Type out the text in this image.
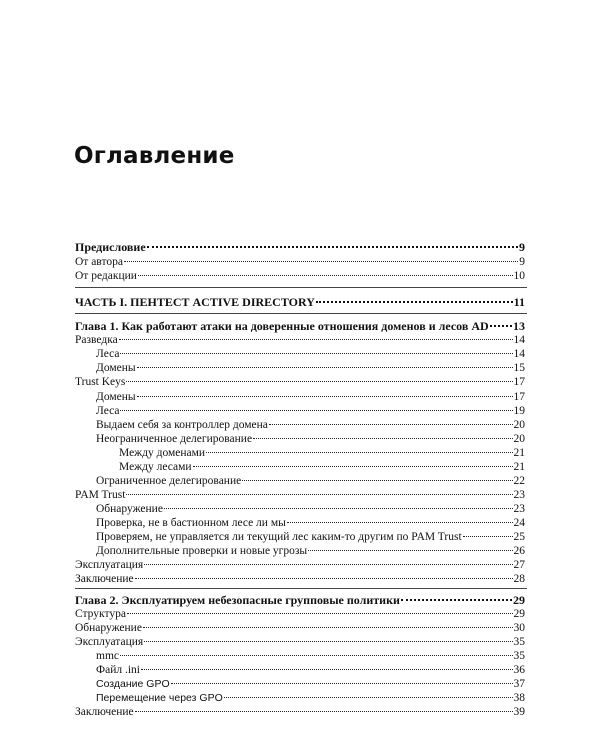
Оглавление
Предисловие	9
От автора	9
От редакции	10
ЧАСТЬ I. ПЕНТЕСТ ACTIVE DIRECTORY	11
Глава 1. Как работают атаки на доверенные отношения доменов и лесов AD 13
Разведка	14
Леса	14
Домены	15
Trust Keys	17
Домены	17
Леса	19
Выдаем себя за контроллер домена	20
Неограниченное делегирование	20
Между доменами	21
Между лесами	21
Ограниченное делегирование	22
PAM Trust	23
Обнаружение	23
Проверка, не в бастионном лесе ли мы	24
Проверяем, не управляется ли текущий лес каким-то другим по PAM Trust	25
Дополнительные проверки и новые угрозы	26
Эксплуатация	27
Заключение	28
Глава 2. Эксплуатируем небезопасные групповые политики	29
Структура	29
Обнаружение	30
Эксплуатация	35
mmc	35
Файл .ini	36
Создание GPO	37
Перемещение через GPO	38
Заключение	39
